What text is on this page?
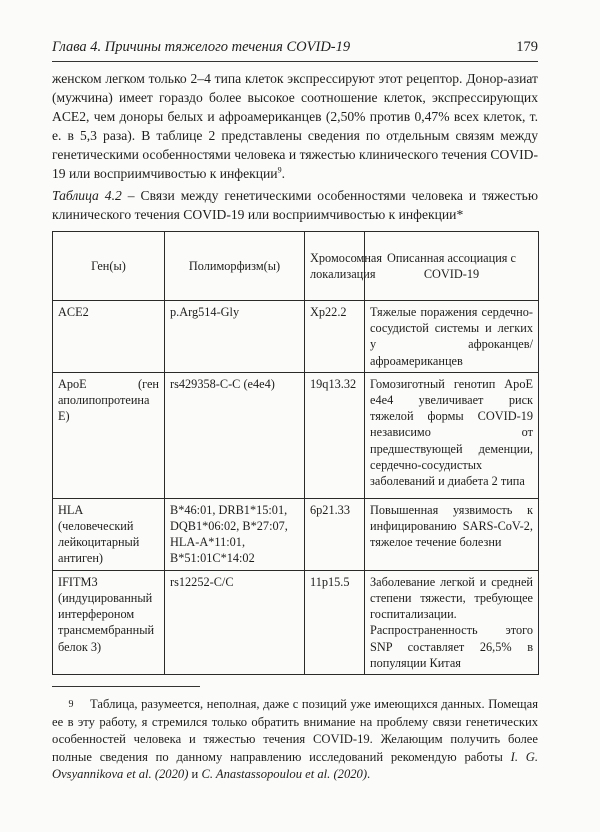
Глава 4. Причины тяжелого течения COVID-19	179
женском легком только 2–4 типа клеток экспрессируют этот рецептор. Донор-азиат (мужчина) имеет гораздо более высокое соотношение клеток, экспрессирующих ACE2, чем доноры белых и афроамериканцев (2,50% против 0,47% всех клеток, т. е. в 5,3 раза). В таблице 2 представлены сведения по отдельным связям между генетическими особенностями человека и тяжестью клинического течения COVID-19 или восприимчивостью к инфекции$^9$.
Таблица 4.2 – Связи между генетическими особенностями человека и тяжестью клинического течения COVID-19 или восприимчивостью к инфекции*
Ген(ы)	Полиморфизм(ы)	Хромосомная локализация	Описанная ассоциация с COVID-19
ACE2	p.Arg514-Gly	Xp22.2	Тяжелые поражения сердечно-сосудистой системы и легких у афроканцев/афроамериканцев
ApoE (ген аполипопротеина E)	rs429358-C-C (e4e4)	19q13.32	Гомозиготный генотип ApoE e4e4 увеличивает риск тяжелой формы COVID-19 независимо от предшествующей деменции, сердечно-сосудистых заболеваний и диабета 2 типа
HLA (человеческий лейкоцитарный антиген)	B*46:01, DRB1*15:01, DQB1*06:02, B*27:07, HLA-A*11:01, B*51:01C*14:02	6p21.33	Повышенная уязвимость к инфицированию SARS-CoV-2, тяжелое течение болезни
IFITM3 (индуцированный интерфероном трансмембранный белок 3)	rs12252-C/C	11p15.5	Заболевание легкой и средней степени тяжести, требующее госпитализации.
Распространенность этого SNP составляет 26,5% в популяции Китая
9 Таблица, разумеется, неполная, даже с позиций уже имеющихся данных. Помещая ее в эту работу, я стремился только обратить внимание на проблему связи генетических особенностей человека и тяжестью течения COVID-19. Желающим получить более полные сведения по данному направлению исследований рекомендую работы I. G. Ovsyannikova et al. (2020) и C. Anastassopoulou et al. (2020).
